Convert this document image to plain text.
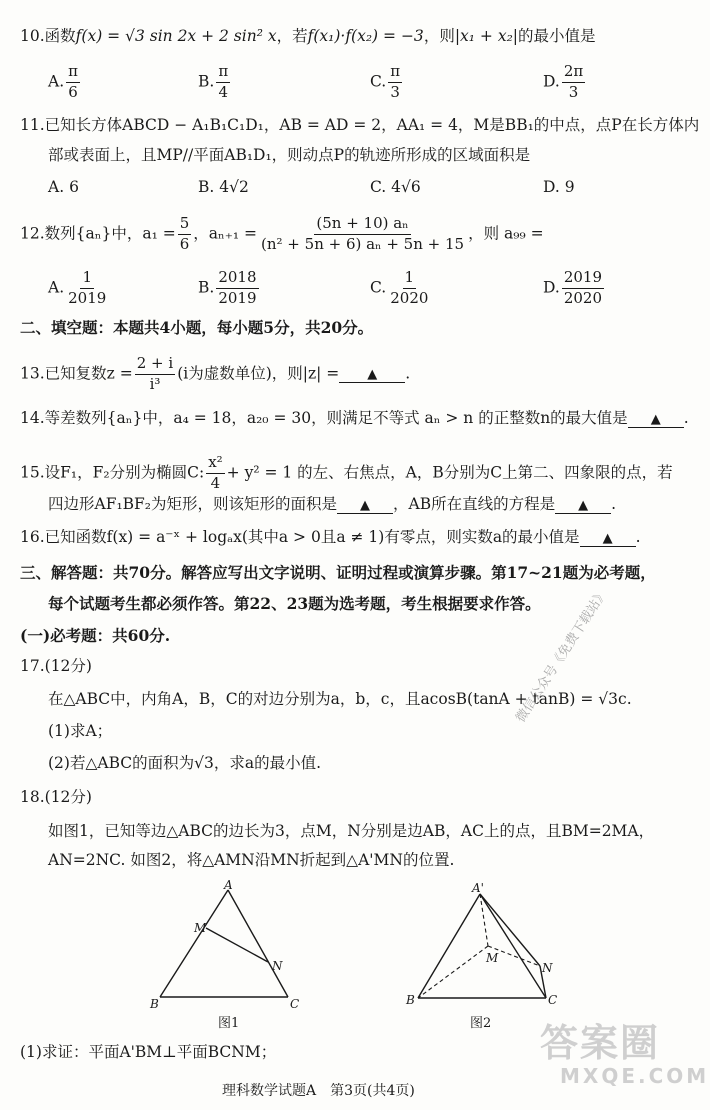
10.函数f(x) = √3 sin 2x + 2 sin² x，若f(x₁)·f(x₂) = −3，则|x₁ + x₂|的最小值是
A. $\frac{\pi}{6}$	B. $\frac{\pi}{4}$	C. $\frac{\pi}{3}$	D. $\frac{2\pi}{3}$
11.已知长方体ABCD − A₁B₁C₁D₁，AB = AD = 2，AA₁ = 4，M是BB₁的中点，点P在长方体内
部或表面上，且MP//平面AB₁D₁，则动点P的轨迹所形成的区域面积是
A. 6	B. 4√2	C. 4√6	D. 9
12.数列{aₙ}中，$a_1 = \frac{5}{6}$ ，$a_{n+1} = \frac{\text{(5n + 10) aₙ}}{\text{(n² + 5n + 6) aₙ + 5n + 15}}$ ，则 a₉₉ =
A. $\frac{1}{2019}$	B. $\frac{2018}{2019}$	C. $\frac{1}{2020}$	D. $\frac{2019}{2020}$
二、填空题：本题共4小题，每小题5分，共20分。
13.已知复数$z = \frac{2 + i}{\text{i³}} (i$为虚数单位)，则|z| = ▲ .
14.等差数列{aₙ}中，a₄ = 18，a₂₀ = 30，则满足不等式 aₙ > n 的正整数n的最大值是 ▲ .
15.设F₁，F₂分别为椭圆C: $\frac{\text{x²}}{4} + y^2 = 1$ 的左、右焦点，A，B分别为C上第二、四象限的点，若
四边形AF₁BF₂为矩形，则该矩形的面积是 ▲ ，AB所在直线的方程是 ▲ .
16.已知函数f(x) = a⁻ˣ + logₐx(其中a > 0且a ≠ 1)有零点，则实数a的最小值是 ▲ .
三、解答题：共70分。解答应写出文字说明、证明过程或演算步骤。第17~21题为必考题，
每个试题考生都必须作答。第22、23题为选考题，考生根据要求作答。
(一)必考题：共60分.
17.(12分)
在△ABC中，内角A，B，C的对边分别为a，b，c，且acosB(tanA + tanB) = √3c.
(1)求A；
(2)若△ABC的面积为√3，求a的最小值.
微信公众号《免费下载站》
18.(12分)
如图1，已知等边△ABC的边长为3，点M，N分别是边AB，AC上的点，且BM=2MA，
AN=2NC. 如图2，将△AMN沿MN折起到△A'MN的位置.
A
M
N
B	C
图1
A'
M
N
B	C
图2
(1)求证：平面A'BM⊥平面BCNM；	答案圈
MXQE.COM
理科数学试题A　第3页(共4页)
